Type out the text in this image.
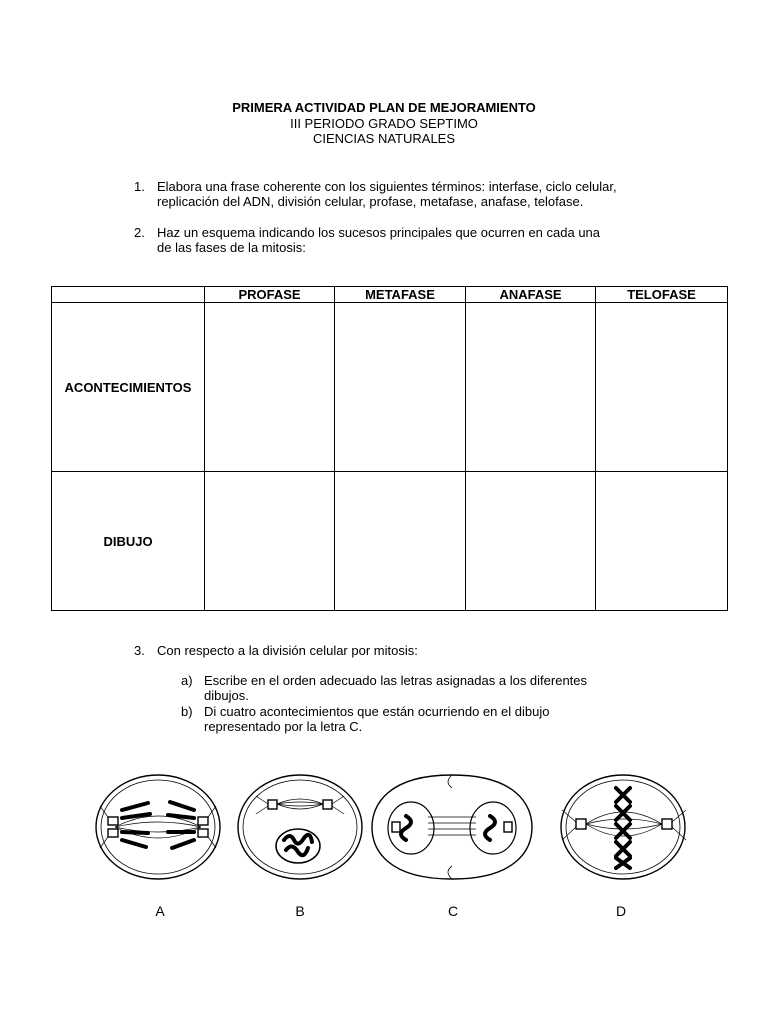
PRIMERA ACTIVIDAD PLAN DE MEJORAMIENTO
III PERIODO GRADO SEPTIMO
CIENCIAS NATURALES
1. Elabora una frase coherente con los siguientes términos: interfase, ciclo celular,
replicación del ADN, división celular, profase, metafase, anafase, telofase.
2. Haz un esquema indicando los sucesos principales que ocurren en cada una
de las fases de la mitosis:
	PROFASE	METAFASE	ANAFASE	TELOFASE
ACONTECIMIENTOS				
DIBUJO				
3. Con respecto a la división celular por mitosis:
a) Escribe en el orden adecuado las letras asignadas a los diferentes
dibujos.
b) Di cuatro acontecimientos que están ocurriendo en el dibujo
representado por la letra C.
A	B	C	D
